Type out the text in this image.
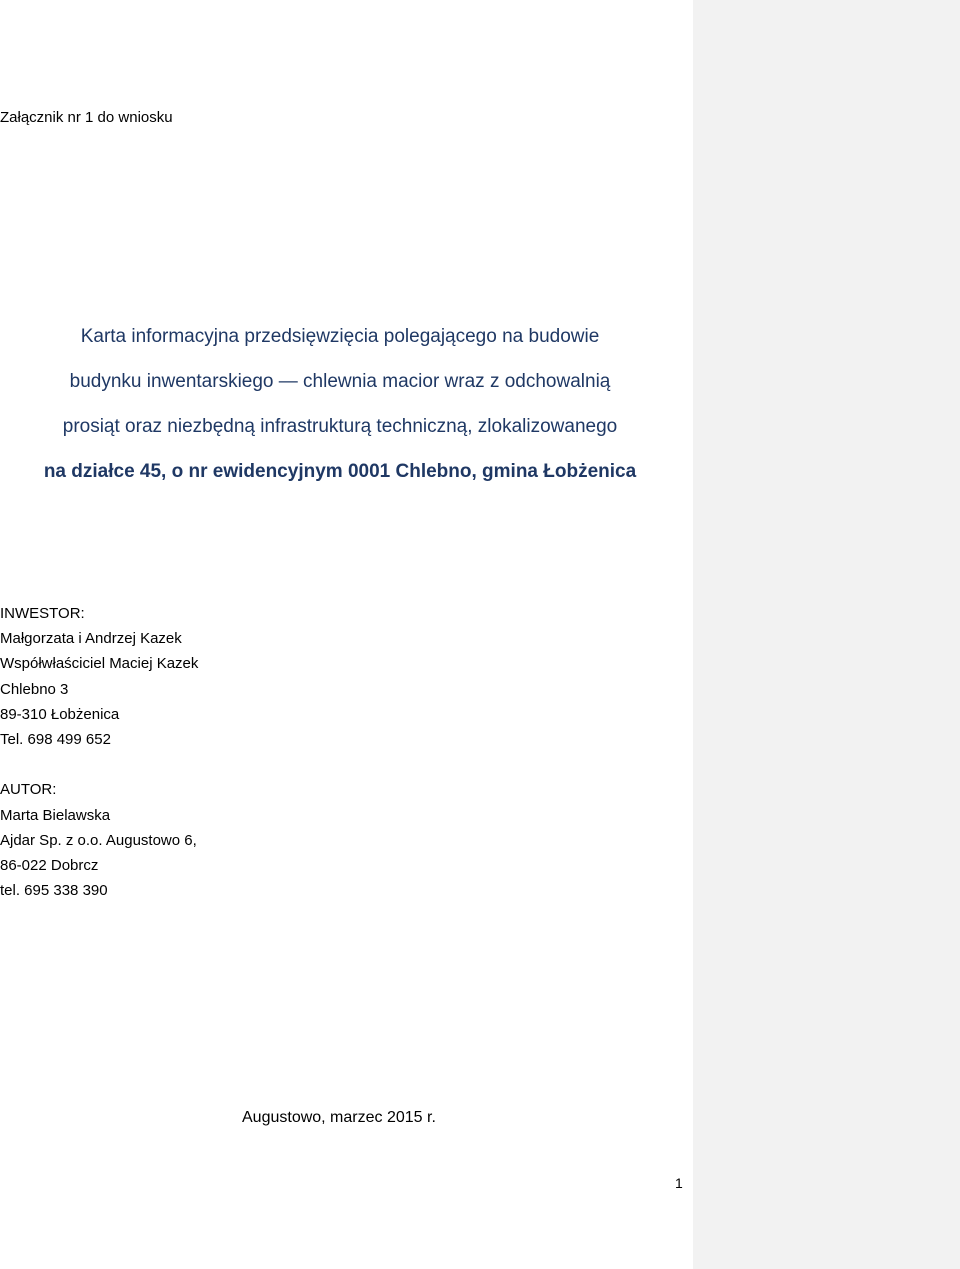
Załącznik nr 1 do wniosku
Karta informacyjna przedsięwzięcia polegającego na budowie
budynku inwentarskiego — chlewnia macior wraz z odchowalnią
prosiąt oraz niezbędną infrastrukturą techniczną, zlokalizowanego
na działce 45, o nr ewidencyjnym 0001 Chlebno, gmina Łobżenica
INWESTOR:
Małgorzata i Andrzej Kazek
Współwłaściciel Maciej Kazek
Chlebno 3
89-310 Łobżenica
Tel. 698 499 652
AUTOR:
Marta Bielawska
Ajdar Sp. z o.o. Augustowo 6,
86-022 Dobrcz
tel. 695 338 390
Augustowo, marzec 2015 r.
1
